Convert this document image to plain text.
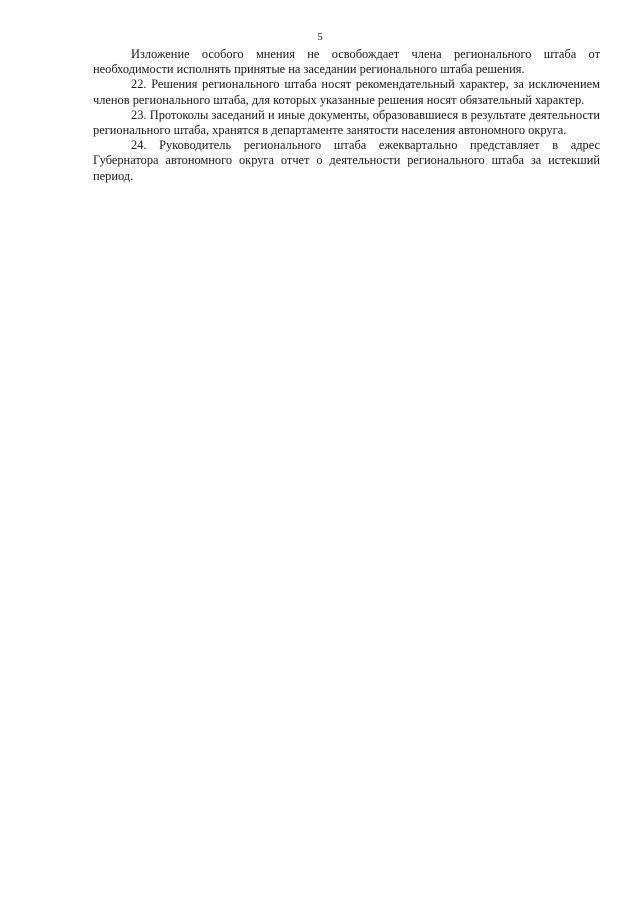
5

Изложение особого мнения не освобождает члена регионального штаба от необходимости исполнять принятые на заседании регионального штаба решения.

22. Решения регионального штаба носят рекомендательный характер, за исключением членов регионального штаба, для которых указанные решения носят обязательный характер.

23. Протоколы заседаний и иные документы, образовавшиеся в результате деятельности регионального штаба, хранятся в департаменте занятости населения автономного округа.

24. Руководитель регионального штаба ежеквартально представляет в адрес Губернатора автономного округа отчет о деятельности регионального штаба за истекший период.
